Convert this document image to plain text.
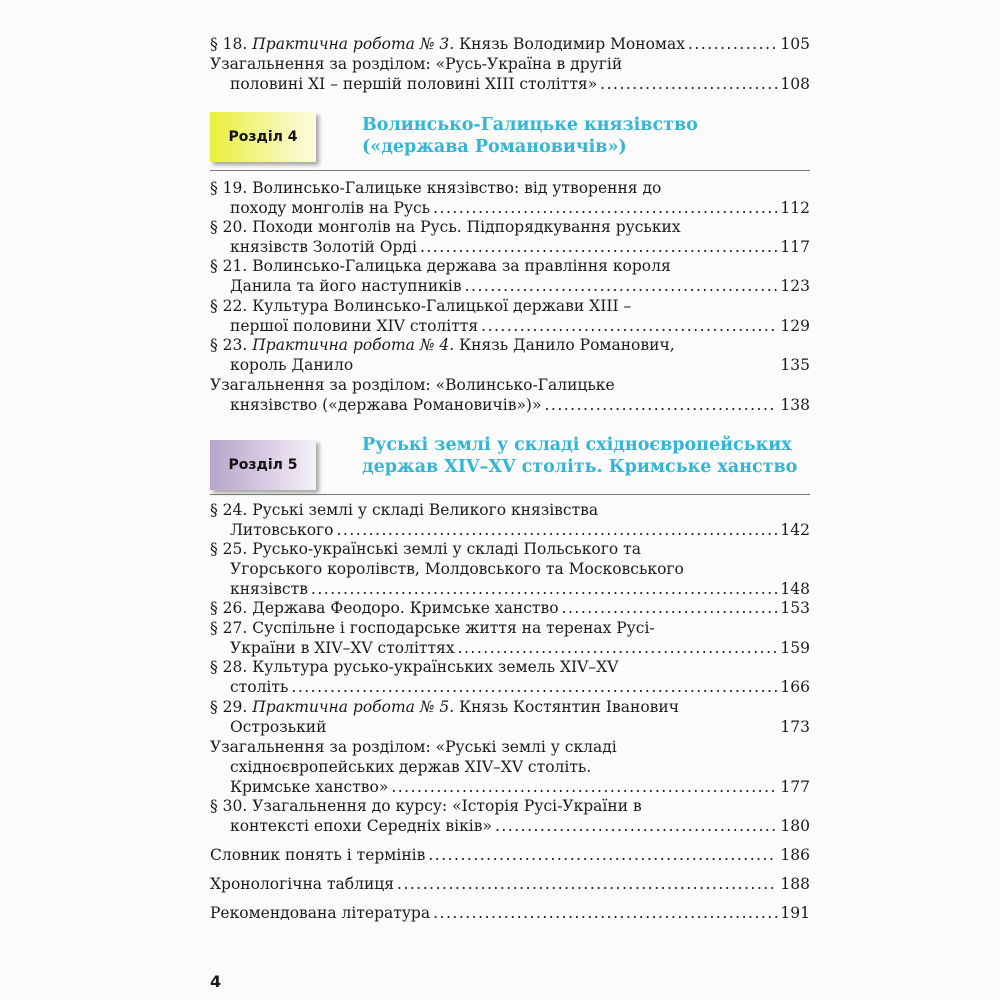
§ 18. Практична робота № 3. Князь Володимир Мономах .....	105
Узагальнення за розділом: «Русь-Україна в другій
половині XI – першій половині XIII століття» .....	108
Розділ 4
Волинсько-Галицьке князівство
(«держава Романовичів»)
§ 19. Волинсько-Галицьке князівство: від утворення до
походу монголів на Русь .....	112
§ 20. Походи монголів на Русь. Підпорядкування руських
князівств Золотій Орді .....	117
§ 21. Волинсько-Галицька держава за правління короля
Данила та його наступників .....	123
§ 22. Культура Волинсько-Галицької держави XIII –
першої половини XIV століття .....	129
§ 23. Практична робота № 4. Князь Данило Романович,
король Данило	135
Узагальнення за розділом: «Волинсько-Галицьке
князівство («держава Романовичів»)» .....	138
Розділ 5
Руські землі у складі східноєвропейських
держав XIV–XV століть. Кримське ханство
§ 24. Руські землі у складі Великого князівства
Литовського .....	142
§ 25. Русько-українські землі у складі Польського та
Угорського королівств, Молдовського та Московського
князівств .....	148
§ 26. Держава Феодоро. Кримське ханство .....	153
§ 27. Суспільне і господарське життя на теренах Русі-
України в XIV–XV століттях .....	159
§ 28. Культура русько-українських земель XIV–XV
століть .....	166
§ 29. Практична робота № 5. Князь Костянтин Іванович
Острозький	173
Узагальнення за розділом: «Руські землі у складі
східноєвропейських держав XIV–XV століть.
Кримське ханство» .....	177
§ 30. Узагальнення до курсу: «Історія Русі-України в
контексті епохи Середніх віків» .....	180
Словник понять і термінів .....	186
Хронологічна таблиця .....	188
Рекомендована література .....	191
4
